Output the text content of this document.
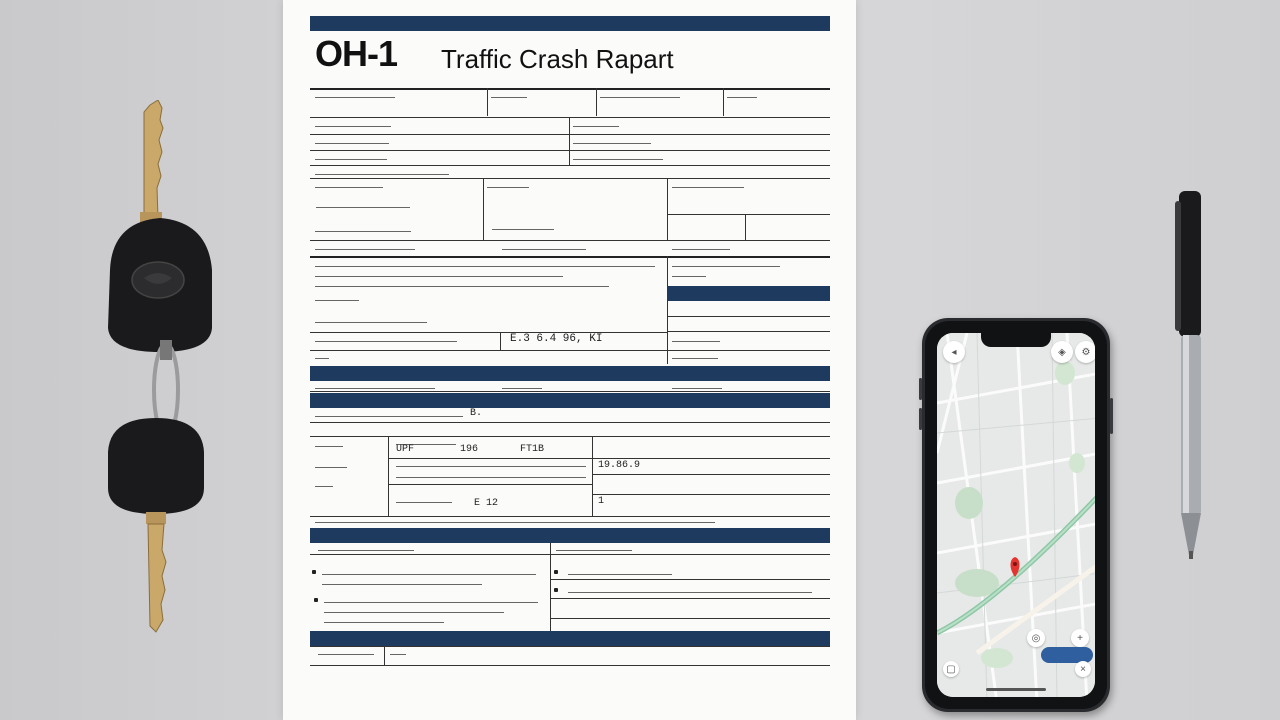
OH-1 Traffic Crash Rapart
E.3 6.4 96, KI
B.
UPF	196	FT1B
19.86.9
E 12	1
◂	◈	⚙
◎	+
▢	×
